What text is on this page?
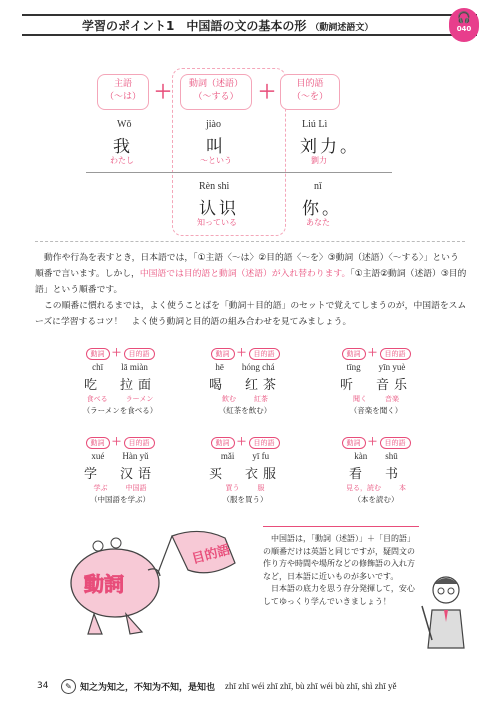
学習のポイント1　中国語の文の基本の形 （動詞述語文）
🎧
040
主語
（～は） ＋	動詞（述語）
（～する）	＋	目的語
（～を）
Wǒ
我
わたし
jiào
叫
～という
Liú Lì
刘力。
劉力
Rèn shi
认识
知っている
nǐ
你。
あなた

動作や行為を表すとき，日本語では，「①主語〈～は〉②目的語〈～を〉③動詞（述語）〈～する〉」という順番で言います。しかし，中国語では目的語と動詞（述語）が入れ替わります。「①主語②動詞（述語）③目的語」という順番です。

この順番に慣れるまでは，よく使うことばを「動詞＋目的語」のセットで覚えてしまうのが，中国語をスムーズに学習するコツ！　よく使う動詞と目的語の組み合わせを見てみましょう。

動詞 ＋	目的語
chī lā miàn
吃 拉面
食べる	ラーメン
（ラーメンを食べる）
動詞 ＋	目的語
hē hóng chá
喝 红茶
飲む	紅茶
（紅茶を飲む）
動詞 ＋	目的語
tīng yīn yuè
听 音乐
聞く	音楽
（音楽を聞く）
動詞 ＋	目的語
xué Hàn yǔ
学 汉语
学ぶ	中国語
（中国語を学ぶ）
動詞 ＋	目的語
mǎi yī fu
买 衣服
買う	服
（服を買う）
動詞 ＋	目的語
kàn shū
看 书
見る，読む	本
（本を読む）
目的語
動詞

中国語は，「動詞（述語）」＋「目的語」の順番だけは英語と同じですが，疑問文の作り方や時間や場所などの修飾語の入れ方など，日本語に近いものが多いです。

日本語の底力を思う存分発揮して，安心してゆっくり学んでいきましょう！

34	✎ 知之为知之，不知为不知，是知也 zhī zhī wéi zhī zhī, bù zhī wéi bù zhī, shì zhī yě
